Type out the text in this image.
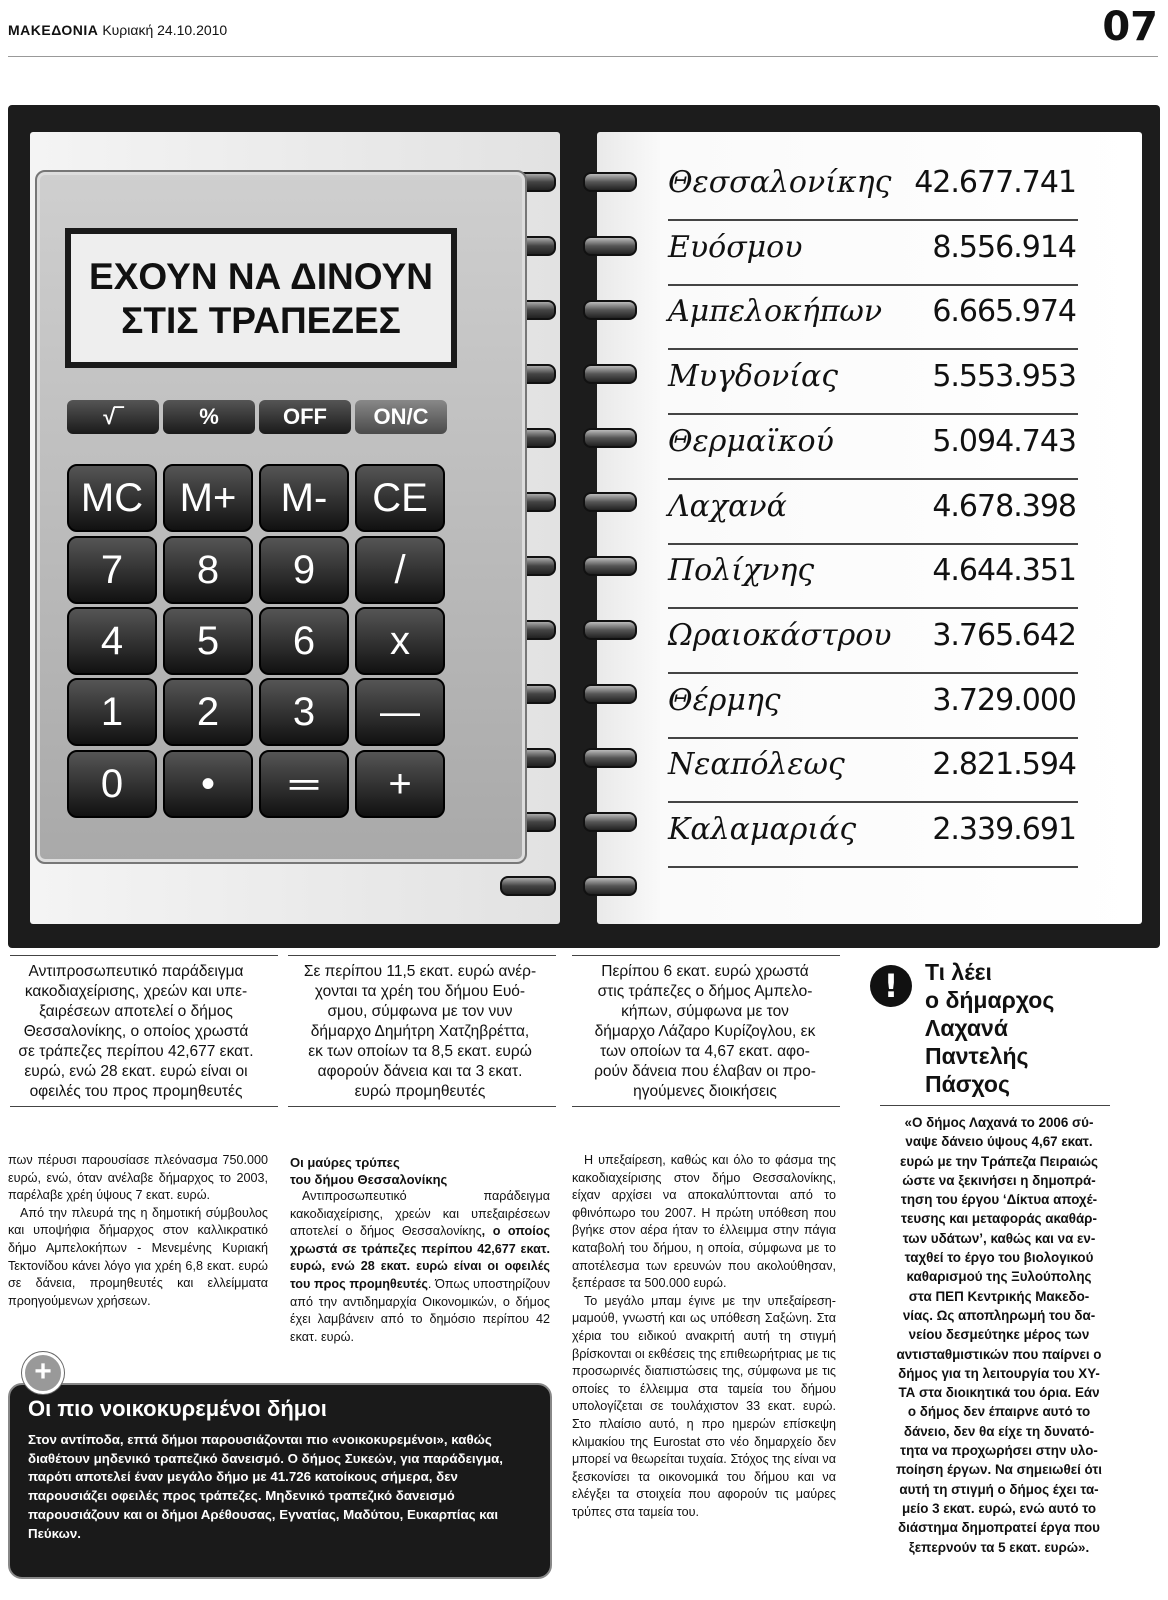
ΜΑΚΕΔΟΝΙΑ Κυριακή 24.10.2010	07
ΕΧΟΥΝ ΝΑ ΔΙΝΟΥΝ
ΣΤΙΣ ΤΡΑΠΕΖΕΣ
√‾	%	OFF	ON/C
MC M+	M-	CE
7	8	9	/
4	5	6	x
1	2	3	—
0	•	═	+
Θεσσαλονίκης 42.677.741
Ευόσμου	8.556.914
Αμπελοκήπων 6.665.974
Μυγδονίας	5.553.953
Θερμαϊκού	5.094.743
Λαχανά	4.678.398
Πολίχνης	4.644.351
Ωραιοκάστρου 3.765.642
Θέρμης	3.729.000
Νεαπόλεως	2.821.594
Καλαμαριάς	2.339.691
Αντιπροσωπευτικό παράδειγμα
κακοδιαχείρισης, χρεών και υπε-
ξαιρέσεων αποτελεί ο δήμος
Θεσσαλονίκης, ο οποίος χρωστά
σε τράπεζες περίπου 42,677 εκατ.
ευρώ, ενώ 28 εκατ. ευρώ είναι οι
οφειλές του προς προμηθευτές
Σε περίπου 11,5 εκατ. ευρώ ανέρ-
χονται τα χρέη του δήμου Ευό-
σμου, σύμφωνα με τον νυν
δήμαρχο Δημήτρη Χατζηβρέττα,
εκ των οποίων τα 8,5 εκατ. ευρώ
αφορούν δάνεια και τα 3 εκατ.
ευρώ προμηθευτές
Περίπου 6 εκατ. ευρώ χρωστά
στις τράπεζες ο δήμος Αμπελο-
κήπων, σύμφωνα με τον
δήμαρχο Λάζαρο Κυρίζογλου, εκ
των οποίων τα 4,67 εκατ. αφο-
ρούν δάνεια που έλαβαν οι προ-
ηγούμενες διοικήσεις
!	Τι λέει
ο δήμαρχος
Λαχανά
Παντελής
Πάσχος
«Ο δήμος Λαχανά το 2006 σύ-
ναψε δάνειο ύψους 4,67 εκατ.
ευρώ με την Τράπεζα Πειραιώς
ώστε να ξεκινήσει η δημοπρά-
τηση του έργου ‘Δίκτυα αποχέ-
τευσης και μεταφοράς ακαθάρ-
των υδάτων’, καθώς και να εν-
ταχθεί το έργο του βιολογικού
καθαρισμού της Ξυλούπολης
στα ΠΕΠ Κεντρικής Μακεδο-
νίας. Ως αποπληρωμή του δα-
νείου δεσμεύτηκε μέρος των
αντισταθμιστικών που παίρνει ο
δήμος για τη λειτουργία του ΧΥ-
ΤΑ στα διοικητικά του όρια. Εάν
ο δήμος δεν έπαιρνε αυτό το
δάνειο, δεν θα είχε τη δυνατό-
τητα να προχωρήσει στην υλο-
ποίηση έργων. Να σημειωθεί ότι
αυτή τη στιγμή ο δήμος έχει τα-
μείο 3 εκατ. ευρώ, ενώ αυτό το
διάστημα δημοπρατεί έργα που
ξεπερνούν τα 5 εκατ. ευρώ».

πων πέρυσι παρουσίασε πλεόνασμα 750.000 ευρώ, ενώ, όταν ανέλαβε δήμαρχος το 2003, παρέλαβε χρέη ύψους 7 εκατ. ευρώ.

Από την πλευρά της η δημοτική σύμβουλος και υποψήφια δήμαρχος στον καλλικρατικό δήμο Αμπελοκήπων - Μενεμένης Κυριακή Τεκτονίδου κάνει λόγο για χρέη 6,8 εκατ. ευρώ σε δάνεια, προμηθευτές και ελλείμματα προηγούμενων χρήσεων.

Οι μαύρες τρύπες
του δήμου Θεσσαλονίκης

Αντιπροσωπευτικό παράδειγμα κακοδιαχείρισης, χρεών και υπεξαιρέσεων αποτελεί ο δήμος Θεσσαλονίκης, ο οποίος χρωστά σε τράπεζες περίπου 42,677 εκατ. ευρώ, ενώ 28 εκατ. ευρώ είναι οι οφειλές του προς προμηθευτές. Όπως υποστηρίζουν από την αντιδημαρχία Οικονομικών, ο δήμος έχει λαμβάνειν από το δημόσιο περίπου 42 εκατ. ευρώ.

Η υπεξαίρεση, καθώς και όλο το φάσμα της κακοδιαχείρισης στον δήμο Θεσσαλονίκης, είχαν αρχίσει να αποκαλύπτονται από το φθινόπωρο του 2007. Η πρώτη υπόθεση που βγήκε στον αέρα ήταν το έλλειμμα στην πάγια καταβολή του δήμου, η οποία, σύμφωνα με το αποτέλεσμα των ερευνών που ακολούθησαν, ξεπέρασε τα 500.000 ευρώ.

Το μεγάλο μπαμ έγινε με την υπεξαίρεση-μαμούθ, γνωστή και ως υπόθεση Σαξώνη. Στα χέρια του ειδικού ανακριτή αυτή τη στιγμή βρίσκονται οι εκθέσεις της επιθεωρήτριας με τις προσωρινές διαπιστώσεις της, σύμφωνα με τις οποίες το έλλειμμα στα ταμεία του δήμου υπολογίζεται σε τουλάχιστον 33 εκατ. ευρώ. Στο πλαίσιο αυτό, η προ ημερών επίσκεψη κλιμακίου της Eurostat στο νέο δημαρχείο δεν μπορεί να θεωρείται τυχαία. Στόχος της είναι να ξεσκονίσει τα οικονομικά του δήμου και να ελέγξει τα στοιχεία που αφορούν τις μαύρες τρύπες στα ταμεία του.

+
Οι πιο νοικοκυρεμένοι δήμοι
Στον αντίποδα, επτά δήμοι παρουσιάζονται πιο «νοικοκυρεμένοι», καθώς διαθέτουν μηδενικό τραπεζικό δανεισμό. Ο δήμος Συκεών, για παράδειγμα, παρότι αποτελεί έναν μεγάλο δήμο με 41.726 κατοίκους σήμερα, δεν παρουσιάζει οφειλές προς τράπεζες. Μηδενικό τραπεζικό δανεισμό παρουσιάζουν και οι δήμοι Αρέθουσας, Εγνατίας, Μαδύτου, Ευκαρπίας και Πεύκων.
